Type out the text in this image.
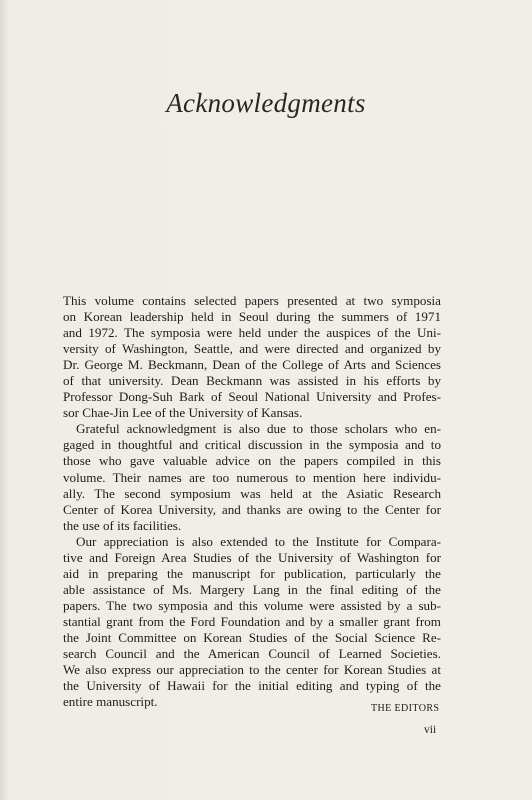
Acknowledgments

This volume contains selected papers presented at two symposia
on Korean leadership held in Seoul during the summers of 1971
and 1972. The symposia were held under the auspices of the Uni-
versity of Washington, Seattle, and were directed and organized by
Dr. George M. Beckmann, Dean of the College of Arts and Sciences
of that university. Dean Beckmann was assisted in his efforts by
Professor Dong-Suh Bark of Seoul National University and Profes-
sor Chae-Jin Lee of the University of Kansas.

Grateful acknowledgment is also due to those scholars who en-
gaged in thoughtful and critical discussion in the symposia and to
those who gave valuable advice on the papers compiled in this
volume. Their names are too numerous to mention here individu-
ally. The second symposium was held at the Asiatic Research
Center of Korea University, and thanks are owing to the Center for
the use of its facilities.

Our appreciation is also extended to the Institute for Compara-
tive and Foreign Area Studies of the University of Washington for
aid in preparing the manuscript for publication, particularly the
able assistance of Ms. Margery Lang in the final editing of the
papers. The two symposia and this volume were assisted by a sub-
stantial grant from the Ford Foundation and by a smaller grant from
the Joint Committee on Korean Studies of the Social Science Re-
search Council and the American Council of Learned Societies.
We also express our appreciation to the center for Korean Studies at
the University of Hawaii for the initial editing and typing of the
entire manuscript.	THE EDITORS
vii
